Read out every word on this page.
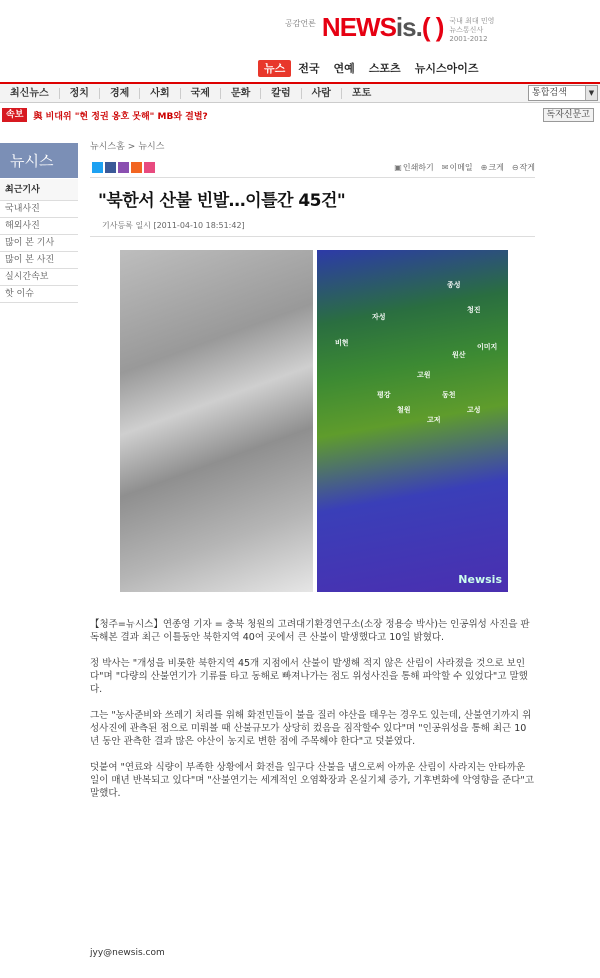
공감언론 NEWSis.( ) 국내 최대 민영 뉴스통신사 2001-2012
뉴스	전국	연예	스포츠	뉴시스아이즈
최신뉴스	정치	경제	사회	국제	문화	칼럼	사람	포토	통합검색	▼
속보	與 비대위 "현 정권 옹호 못해" MB와 결별?	독자신문고
뉴시스
최근기사
국내사진
해외사진
많이 본 기사
많이 본 사진
실시간속보
핫 이슈
뉴시스홈 > 뉴시스
▣인쇄하기 ✉이메일 ⊕크게 ⊖작게
"북한서 산불 빈발…이틀간 45건"
기사등록 일시 [2011-04-10 18:51:42]
종성
청진
자성
비현
원산
고원
동천
고성
이미지
평강
철원
고저
Newsis

【청주=뉴시스】연종영 기자 = 충북 청원의 고려대기환경연구소(소장 정용승 박사)는 인공위성 사진을 판독해본 결과 최근 이틀동안 북한지역 40여 곳에서 큰 산불이 발생했다고 10일 밝혔다.

정 박사는 "개성을 비롯한 북한지역 45개 지점에서 산불이 발생해 적지 않은 산림이 사라졌을 것으로 보인다"며 "다량의 산불연기가 기류를 타고 동해로 빠져나가는 점도 위성사진을 통해 파악할 수 있었다"고 말했다.

그는 "농사준비와 쓰레기 처리를 위해 화전민들이 불을 질러 야산을 태우는 경우도 있는데, 산불연기까지 위성사진에 관측된 점으로 미뤄볼 때 산불규모가 상당히 컸음을 짐작할수 있다"며 "인공위성을 통해 최근 10년 동안 관측한 결과 많은 야산이 농지로 변한 점에 주목해야 한다"고 덧붙였다.

덧붙여 "연료와 식량이 부족한 상황에서 화전을 일구다 산불을 냄으로써 아까운 산림이 사라지는 안타까운 일이 매년 반복되고 있다"며 "산불연기는 세계적인 오염확장과 온실기체 증가, 기후변화에 악영향을 준다"고 말했다.

jyy@newsis.com
